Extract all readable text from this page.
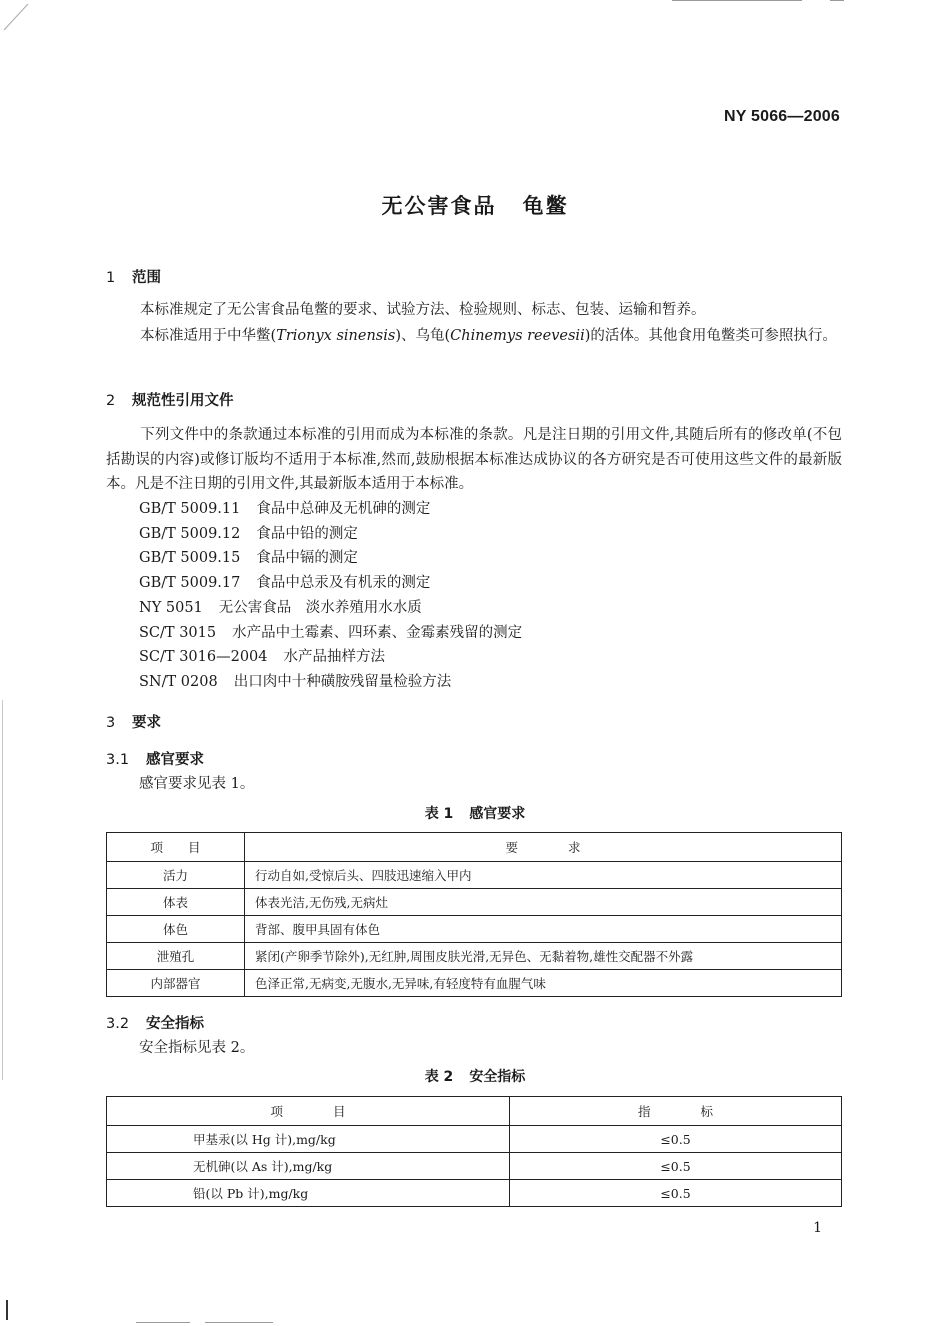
NY 5066—2006
无公害食品 龟鳖
1 范围
本标准规定了无公害食品龟鳖的要求、试验方法、检验规则、标志、包装、运输和暂养。
本标准适用于中华鳖(Trionyx sinensis)、乌龟(Chinemys reevesii)的活体。其他食用龟鳖类可参照执行。
2 规范性引用文件
下列文件中的条款通过本标准的引用而成为本标准的条款。凡是注日期的引用文件,其随后所有的修改单(不包括勘误的内容)或修订版均不适用于本标准,然而,鼓励根据本标准达成协议的各方研究是否可使用这些文件的最新版本。凡是不注日期的引用文件,其最新版本适用于本标准。
GB/T 5009.11 食品中总砷及无机砷的测定
GB/T 5009.12 食品中铅的测定
GB/T 5009.15 食品中镉的测定
GB/T 5009.17 食品中总汞及有机汞的测定
NY 5051 无公害食品　淡水养殖用水水质
SC/T 3015 水产品中土霉素、四环素、金霉素残留的测定
SC/T 3016—2004 水产品抽样方法
SN/T 0208 出口肉中十种磺胺残留量检验方法
3 要求
3.1 感官要求
感官要求见表 1。
表 1 感官要求
项　　目	要　　　　求
活力	行动自如,受惊后头、四肢迅速缩入甲内
体表	体表光洁,无伤残,无病灶
体色	背部、腹甲具固有体色
泄殖孔	紧闭(产卵季节除外),无红肿,周围皮肤光滑,无异色、无黏着物,雄性交配器不外露
内部器官	色泽正常,无病变,无腹水,无异味,有轻度特有血腥气味
3.2 安全指标
安全指标见表 2。
表 2 安全指标
项　　　　目	指　　　　标
甲基汞(以 Hg 计),mg/kg	≤0.5
无机砷(以 As 计),mg/kg	≤0.5
铅(以 Pb 计),mg/kg	≤0.5
1
